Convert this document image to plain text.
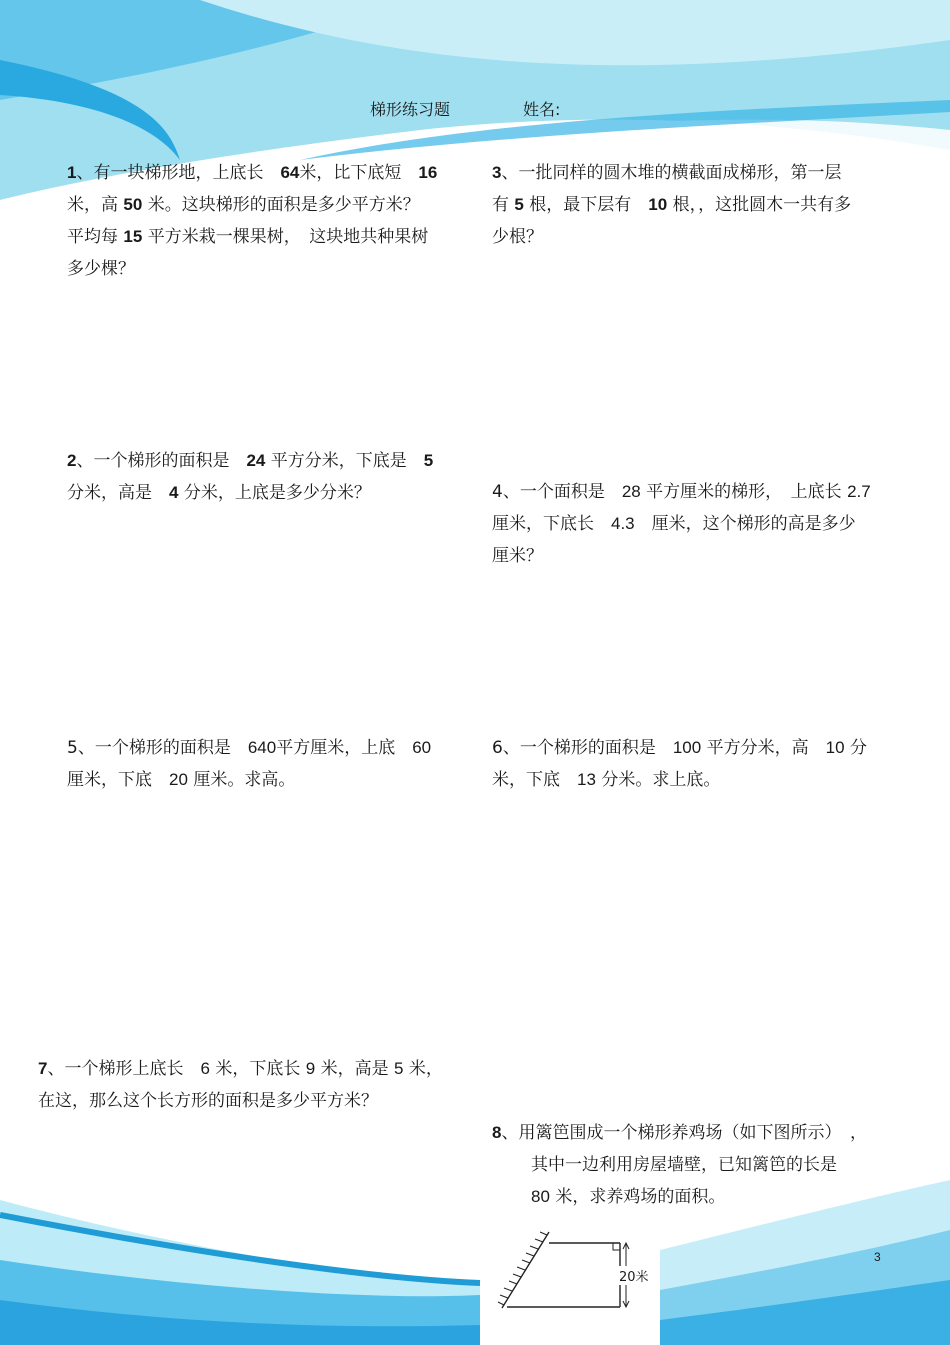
梯形练习题	姓名:
1、有一块梯形地，上底长　 64米，比下底短　 16
米，高 50 米。这块梯形的面积是多少平方米？
平均每 15 平方米栽一棵果树，　这块地共种果树
多少棵？
3、一批同样的圆木堆的横截面成梯形，第一层
有 5 根，最下层有　 10 根，，这批圆木一共有多
少根？
2、一个梯形的面积是　 24 平方分米，下底是　 5
分米，高是　 4 分米，上底是多少分米？	4、一个面积是　 28 平方厘米的梯形，　上底长 2.7
厘米，下底长　 4.3　 厘米，这个梯形的高是多少
厘米？
5、一个梯形的面积是　 640平方厘米，上底　 60
厘米，下底　 20 厘米。求高。
6、一个梯形的面积是　 100 平方分米，高　 10 分
米，下底　 13 分米。求上底。
7、一个梯形上底长　 6 米，下底长 9 米，高是 5 米，
在这，那么这个长方形的面积是多少平方米？
8、用篱笆围成一个梯形养鸡场（如下图所示）　 ，
其中一边利用房屋墙壁，已知篱笆的长是
80 米，求养鸡场的面积。
20米
3
